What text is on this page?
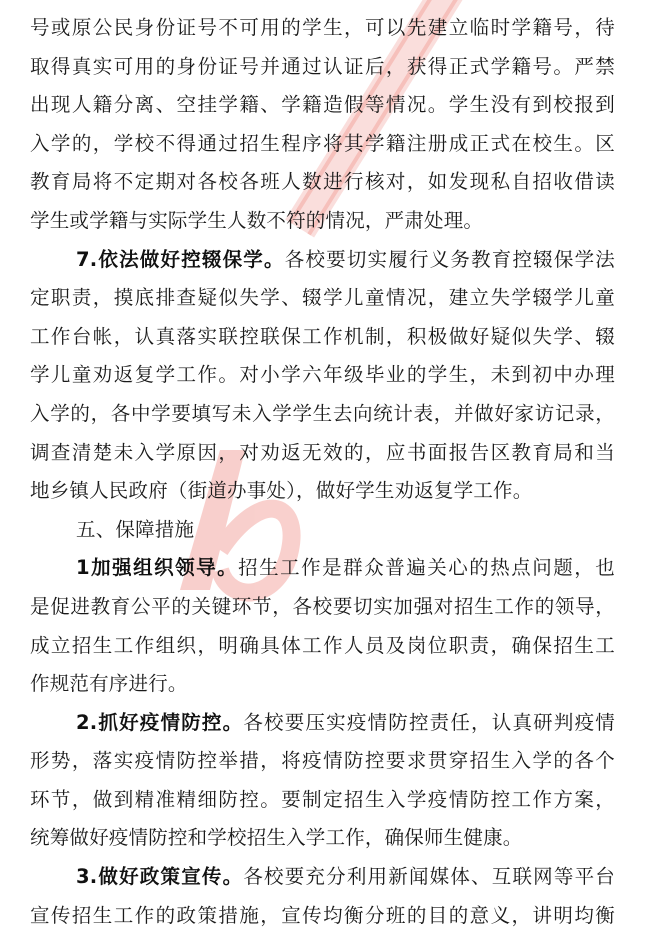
号或原公民身份证号不可用的学生，可以先建立临时学籍号，待
取得真实可用的身份证号并通过认证后，获得正式学籍号。严禁
出现人籍分离、空挂学籍、学籍造假等情况。学生没有到校报到
入学的，学校不得通过招生程序将其学籍注册成正式在校生。区
教育局将不定期对各校各班人数进行核对，如发现私自招收借读
学生或学籍与实际学生人数不符的情况，严肃处理。
7.依法做好控辍保学。各校要切实履行义务教育控辍保学法
定职责，摸底排查疑似失学、辍学儿童情况，建立失学辍学儿童
工作台帐，认真落实联控联保工作机制，积极做好疑似失学、辍
学儿童劝返复学工作。对小学六年级毕业的学生，未到初中办理
入学的，各中学要填写未入学学生去向统计表，并做好家访记录，
调查清楚未入学原因，对劝返无效的，应书面报告区教育局和当
地乡镇人民政府（街道办事处），做好学生劝返复学工作。
五、保障措施
1加强组织领导。招生工作是群众普遍关心的热点问题，也
是促进教育公平的关键环节，各校要切实加强对招生工作的领导，
成立招生工作组织，明确具体工作人员及岗位职责，确保招生工
作规范有序进行。
2.抓好疫情防控。各校要压实疫情防控责任，认真研判疫情
形势，落实疫情防控举措，将疫情防控要求贯穿招生入学的各个
环节，做到精准精细防控。要制定招生入学疫情防控工作方案，
统筹做好疫情防控和学校招生入学工作，确保师生健康。
3.做好政策宣传。各校要充分利用新闻媒体、互联网等平台
宣传招生工作的政策措施，宣传均衡分班的目的意义，讲明均衡
